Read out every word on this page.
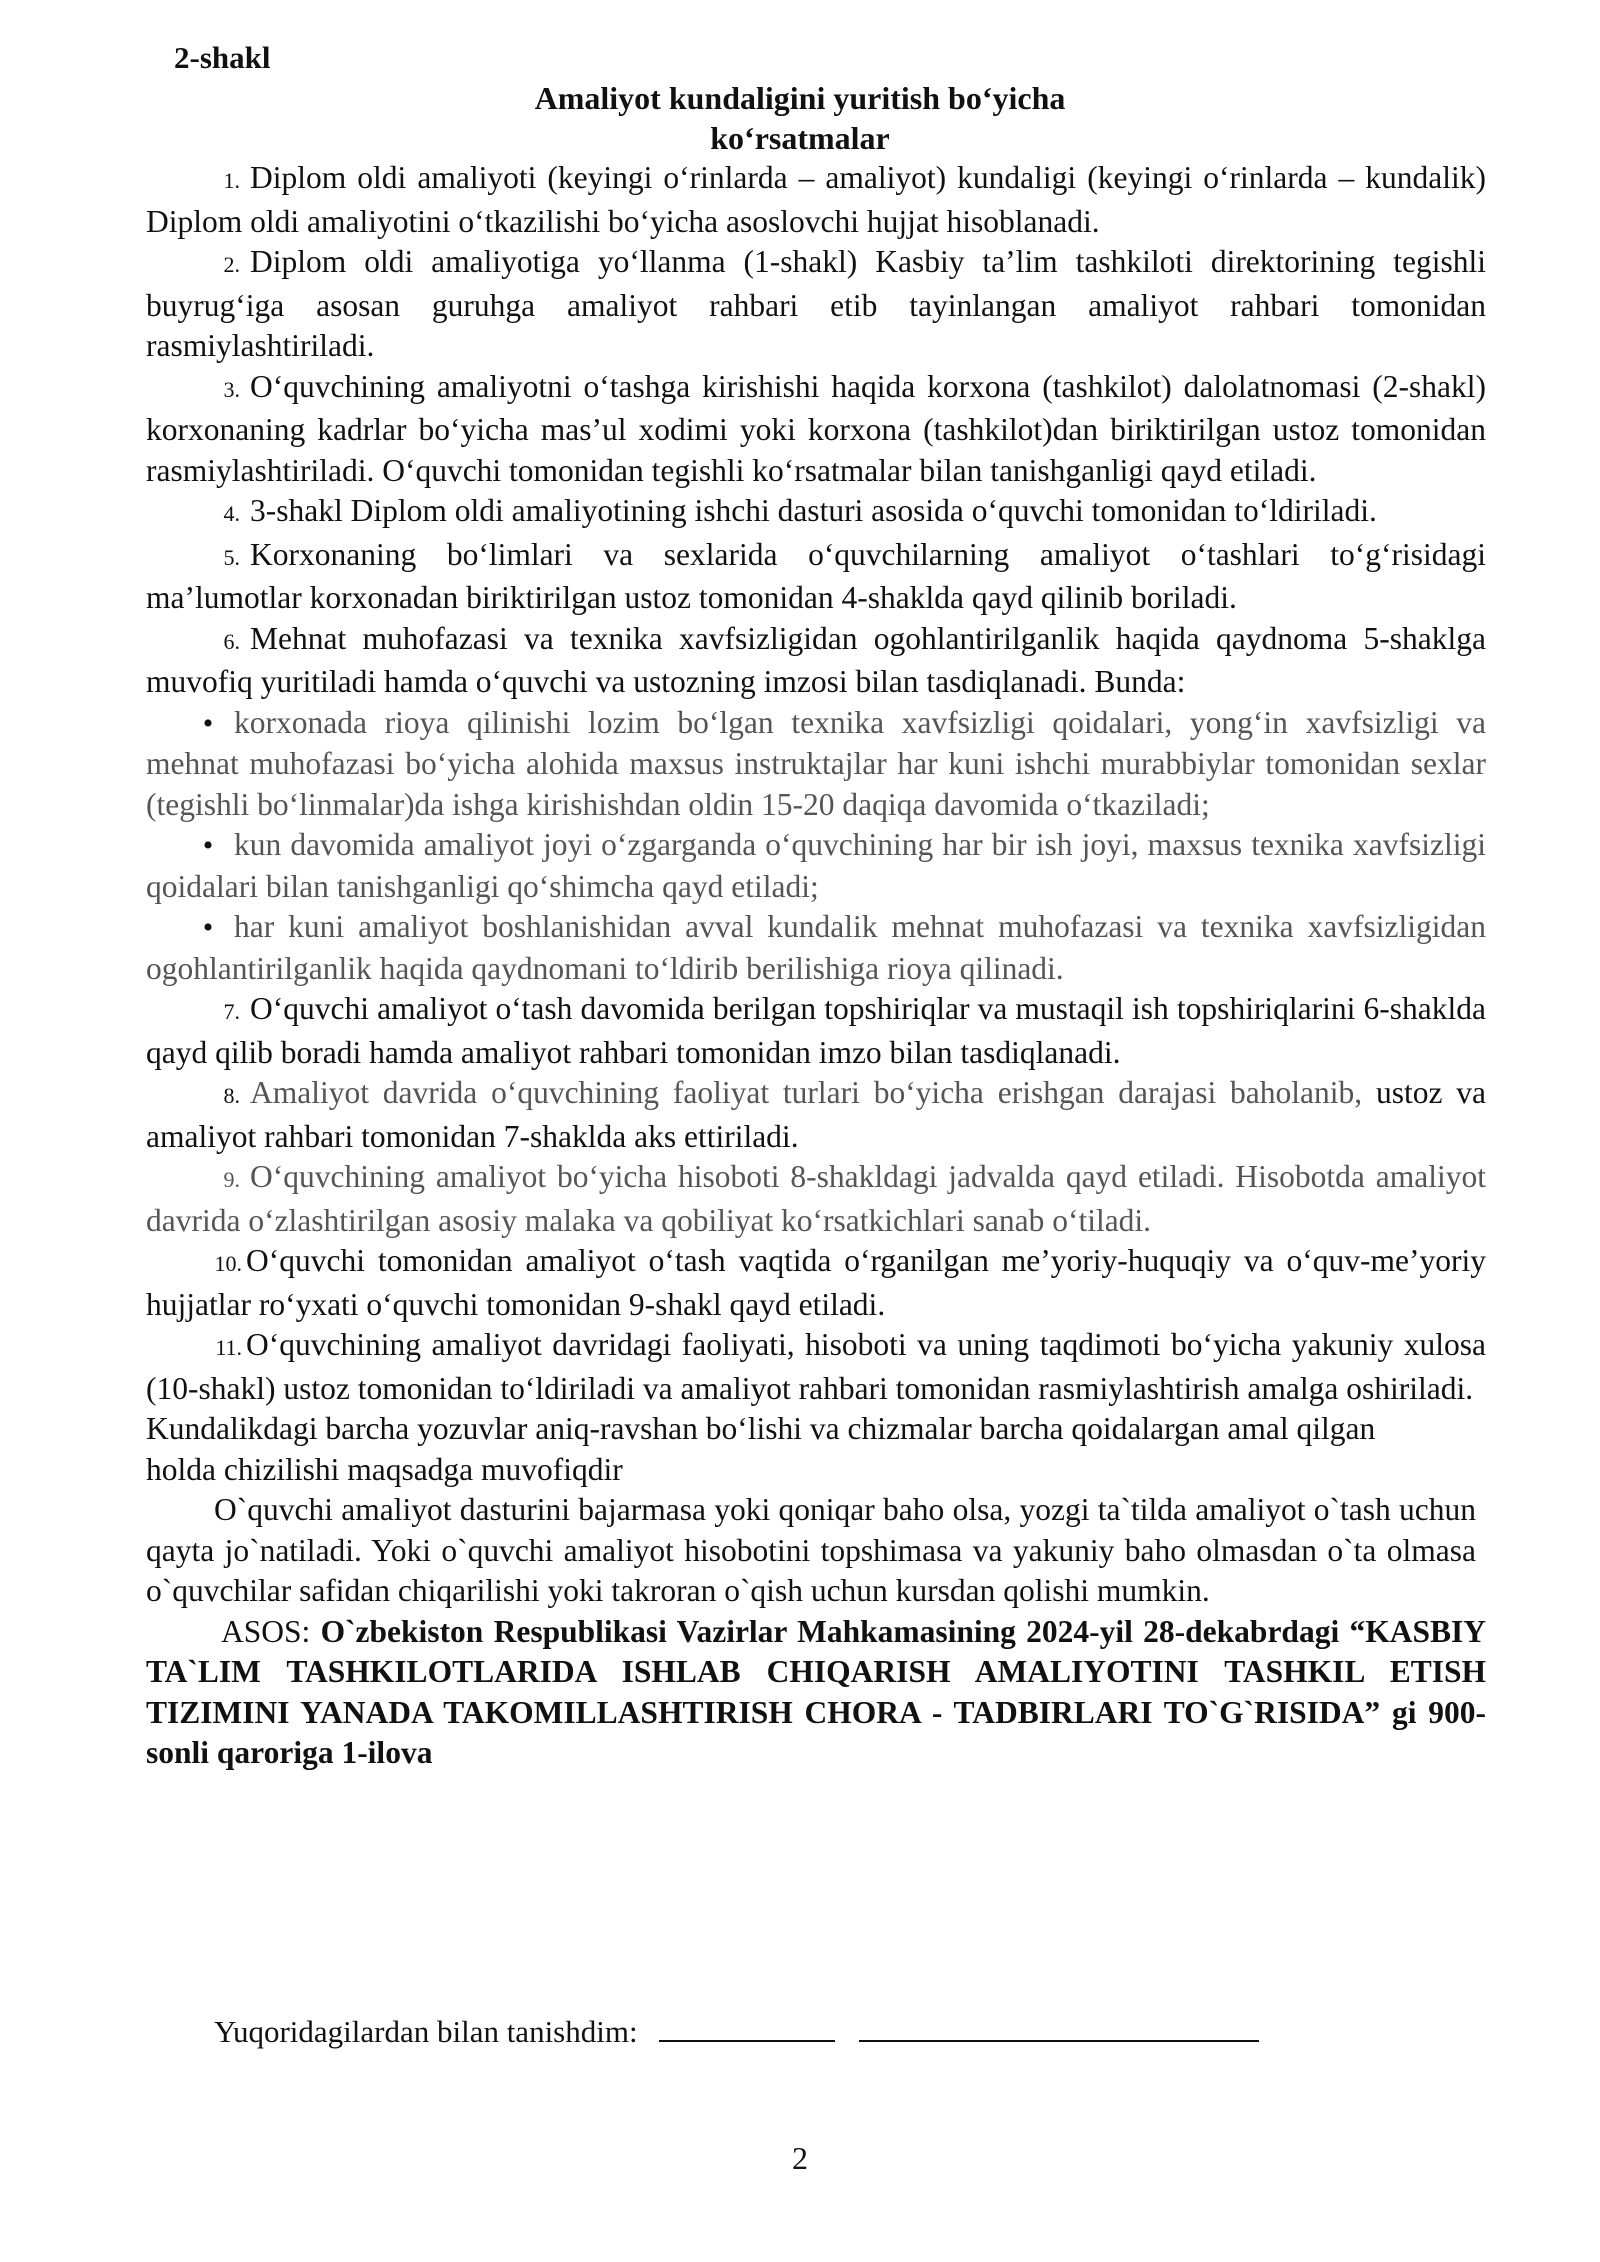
2-shakl
Amaliyot kundaligini yuritish bo‘yicha
ko‘rsatmalar

1. Diplom oldi amaliyoti (keyingi o‘rinlarda – amaliyot) kundaligi (keyingi o‘rinlarda – kundalik) Diplom oldi amaliyotini o‘tkazilishi bo‘yicha asoslovchi hujjat hisoblanadi.

2. Diplom oldi amaliyotiga yo‘llanma (1-shakl) Kasbiy ta’lim tashkiloti direktorining tegishli buyrug‘iga asosan guruhga amaliyot rahbari etib tayinlangan amaliyot rahbari tomonidan rasmiylashtiriladi.

3. O‘quvchining amaliyotni o‘tashga kirishishi haqida korxona (tashkilot) dalolatnomasi (2-shakl) korxonaning kadrlar bo‘yicha mas’ul xodimi yoki korxona (tashkilot)dan biriktirilgan ustoz tomonidan rasmiylashtiriladi. O‘quvchi tomonidan tegishli ko‘rsatmalar bilan tanishganligi qayd etiladi.

4. 3-shakl Diplom oldi amaliyotining ishchi dasturi asosida o‘quvchi tomonidan to‘ldiriladi.

5. Korxonaning bo‘limlari va sexlarida o‘quvchilarning amaliyot o‘tashlari to‘g‘risidagi ma’lumotlar korxonadan biriktirilgan ustoz tomonidan 4-shaklda qayd qilinib boriladi.

6. Mehnat muhofazasi va texnika xavfsizligidan ogohlantirilganlik haqida qaydnoma 5-shaklga muvofiq yuritiladi hamda o‘quvchi va ustozning imzosi bilan tasdiqlanadi. Bunda:

•korxonada rioya qilinishi lozim bo‘lgan texnika xavfsizligi qoidalari, yong‘in xavfsizligi va mehnat muhofazasi bo‘yicha alohida maxsus instruktajlar har kuni ishchi murabbiylar tomonidan sexlar (tegishli bo‘linmalar)da ishga kirishishdan oldin 15-20 daqiqa davomida o‘tkaziladi;

•kun davomida amaliyot joyi o‘zgarganda o‘quvchining har bir ish joyi, maxsus texnika xavfsizligi qoidalari bilan tanishganligi qo‘shimcha qayd etiladi;

•har kuni amaliyot boshlanishidan avval kundalik mehnat muhofazasi va texnika xavfsizligidan ogohlantirilganlik haqida qaydnomani to‘ldirib berilishiga rioya qilinadi.

7. O‘quvchi amaliyot o‘tash davomida berilgan topshiriqlar va mustaqil ish topshiriqlarini 6-shaklda qayd qilib boradi hamda amaliyot rahbari tomonidan imzo bilan tasdiqlanadi.

8. Amaliyot davrida o‘quvchining faoliyat turlari bo‘yicha erishgan darajasi baholanib, ustoz va amaliyot rahbari tomonidan 7-shaklda aks ettiriladi.

9. O‘quvchining amaliyot bo‘yicha hisoboti 8-shakldagi jadvalda qayd etiladi. Hisobotda amaliyot davrida o‘zlashtirilgan asosiy malaka va qobiliyat ko‘rsatkichlari sanab o‘tiladi.

10. O‘quvchi tomonidan amaliyot o‘tash vaqtida o‘rganilgan me’yoriy-huquqiy va o‘quv-me’yoriy hujjatlar ro‘yxati o‘quvchi tomonidan 9-shakl qayd etiladi.

11. O‘quvchining amaliyot davridagi faoliyati, hisoboti va uning taqdimoti bo‘yicha yakuniy xulosa (10-shakl) ustoz tomonidan to‘ldiriladi va amaliyot rahbari tomonidan rasmiylashtirish amalga oshiriladi.

Kundalikdagi barcha yozuvlar aniq-ravshan bo‘lishi va chizmalar barcha qoidalargan amal qilgan holda chizilishi maqsadga muvofiqdir

O`quvchi amaliyot dasturini bajarmasa yoki qoniqar baho olsa, yozgi ta`tilda amaliyot o`tash uchun qayta jo`natiladi. Yoki o`quvchi amaliyot hisobotini topshimasa va yakuniy baho olmasdan o`ta olmasa o`quvchilar safidan chiqarilishi yoki takroran o`qish uchun kursdan qolishi mumkin.

ASOS: O`zbekiston Respublikasi Vazirlar Mahkamasining 2024-yil 28-dekabrdagi “KASBIY TA`LIM TASHKILOTLARIDA ISHLAB CHIQARISH AMALIYOTINI TASHKIL ETISH TIZIMINI YANADA TAKOMILLASHTIRISH CHORA - TADBIRLARI TO`G`RISIDA” gi 900-sonli qaroriga 1-ilova

Yuqoridagilardan bilan tanishdim:
2
